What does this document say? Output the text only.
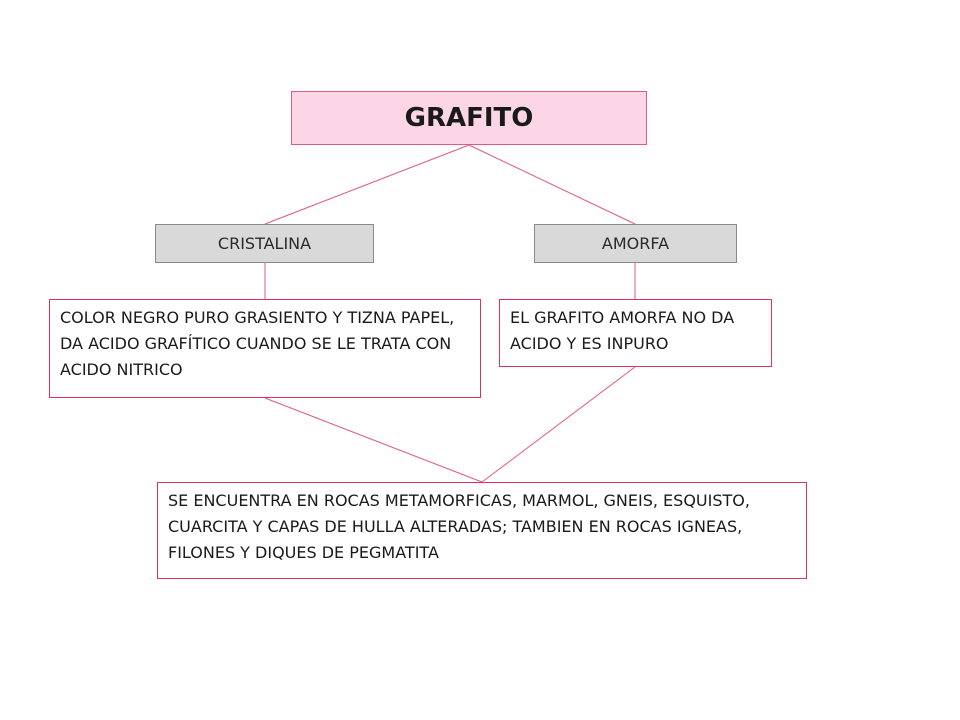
GRAFITO
CRISTALINA	AMORFA
COLOR NEGRO PURO GRASIENTO Y TIZNA PAPEL, DA ACIDO GRAFÍTICO CUANDO SE LE TRATA CON ACIDO NITRICO
EL GRAFITO AMORFA NO DA ACIDO Y ES INPURO
SE ENCUENTRA EN ROCAS METAMORFICAS, MARMOL, GNEIS, ESQUISTO, CUARCITA Y CAPAS DE HULLA ALTERADAS; TAMBIEN EN ROCAS IGNEAS, FILONES Y DIQUES DE PEGMATITA
